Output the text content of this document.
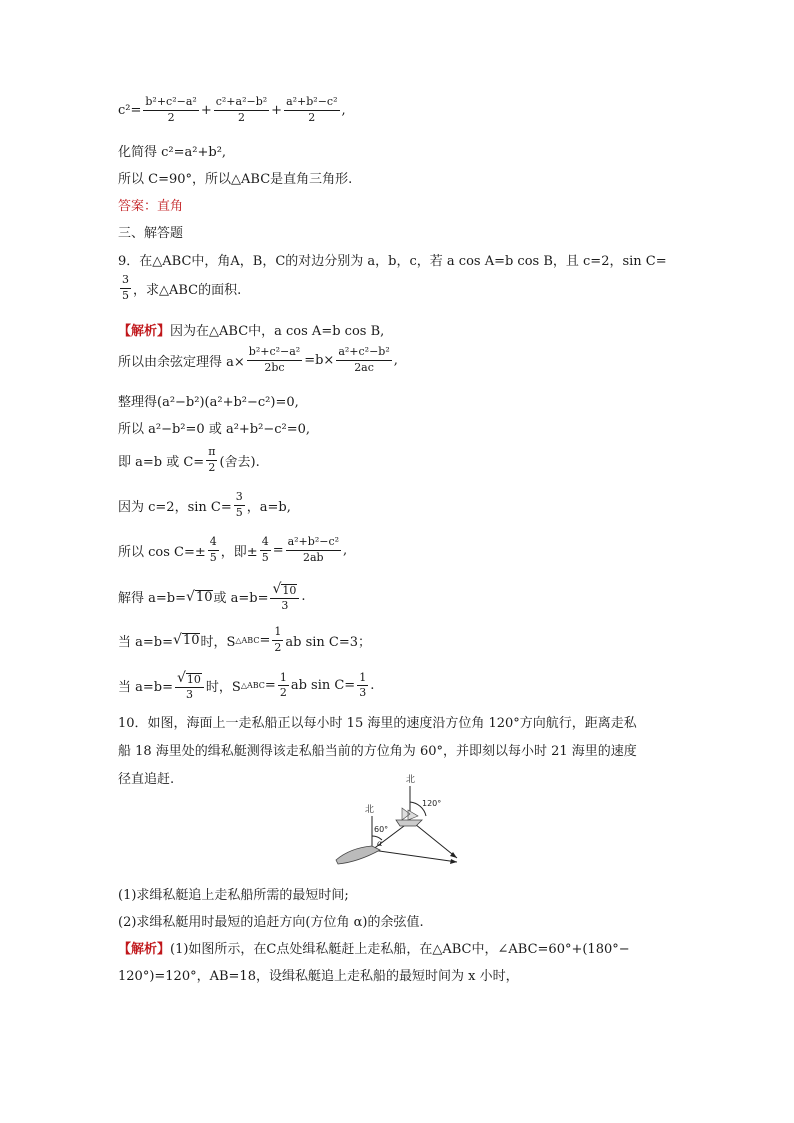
$c^2= \frac{\text{b²+c²−a²}}{2} + \frac{\text{c²+a²−b²}}{2} + \frac{\text{a²+b²−c²}}{2}$ ,
化简得 c²=a²+b²,
所以 C=90°，所以△ABC是直角三角形.
答案：直角
三、解答题
9．在△ABC中，角A，B，C的对边分别为 a，b，c，若 a cos A=b cos B，且 c=2，sin C=
$\frac{3}{5}$ ，求△ABC的面积.
【解析】 因为在△ABC中，a cos A=b cos B,
所以由余弦定理得 $a\times \frac{\text{b²+c²−a²}}{2bc} =b\times \frac{\text{a²+c²−b²}}{2ac}$ ,
整理得(a²−b²)(a²+b²−c²)=0,
所以 a²−b²=0 或 a²+b²−c²=0,
即 a=b 或 $C= \frac{\pi}{2}$ (舍去).
因为 c=2，$\sin C= \frac{3}{5}$ ，a=b,
所以 $\cos C=\pm \frac{4}{5}$ ，即± $\frac{4}{5} = \frac{\text{a²+b²−c²}}{2ab}$ ,
解得 a=b= √ 10 或 $a=b= \frac{√ 10}{3}$ .
当 a=b= √ 10 时，S △ABC = $\frac{1}{2}$ ab sin C=3；
当 $a=b= \frac{√ 10}{3}$ 时，S △ABC = $\frac{1}{2}$ ab $\sin C= \frac{1}{3}$ .
10．如图，海面上一走私船正以每小时 15 海里的速度沿方位角 120°方向航行，距离走私
船 18 海里处的缉私艇测得该走私船当前的方位角为 60°，并即刻以每小时 21 海里的速度
径直追赶.	北
北
120°
60°
α
(1)求缉私艇追上走私船所需的最短时间;
(2)求缉私艇用时最短的追赶方向(方位角 α)的余弦值.
【解析】 (1)如图所示，在C点处缉私艇赶上走私船，在△ABC中，∠ABC=60°+(180°−
120°)=120°，AB=18，设缉私艇追上走私船的最短时间为 x 小时，
